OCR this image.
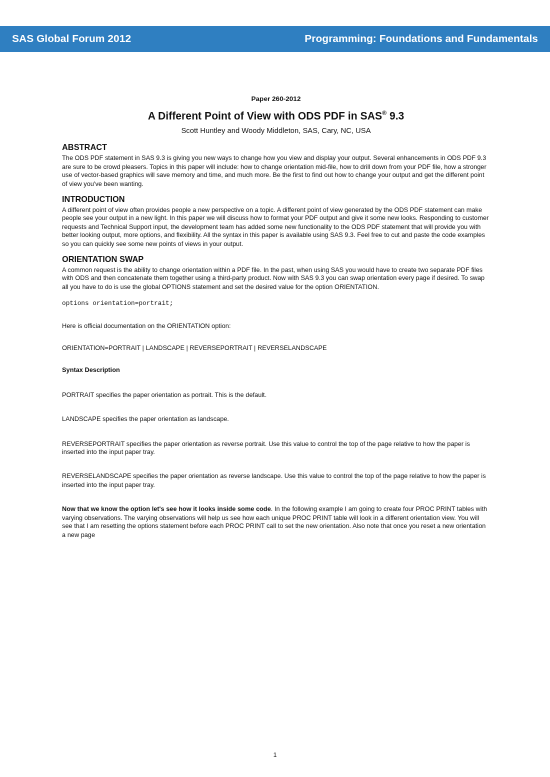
SAS Global Forum 2012	Programming: Foundations and Fundamentals
Paper 260-2012
A Different Point of View with ODS PDF in SAS® 9.3
Scott Huntley and Woody Middleton, SAS, Cary, NC, USA
ABSTRACT

The ODS PDF statement in SAS 9.3 is giving you new ways to change how you view and display your output. Several enhancements in ODS PDF 9.3 are sure to be crowd pleasers. Topics in this paper will include: how to change orientation mid-file, how to drill down from your PDF file, how a stronger use of vector-based graphics will save memory and time, and much more. Be the first to find out how to change your output and get the different point of view you've been wanting.

INTRODUCTION

A different point of view often provides people a new perspective on a topic. A different point of view generated by the ODS PDF statement can make people see your output in a new light. In this paper we will discuss how to format your PDF output and give it some new looks. Responding to customer requests and Technical Support input, the development team has added some new functionality to the ODS PDF statement that will provide you with better looking output, more options, and flexibility. All the syntax in this paper is available using SAS 9.3. Feel free to cut and paste the code examples so you can quickly see some new points of views in your output.

ORIENTATION SWAP

A common request is the ability to change orientation within a PDF file. In the past, when using SAS you would have to create two separate PDF files with ODS and then concatenate them together using a third-party product. Now with SAS 9.3 you can swap orientation every page if desired. To swap all you have to do is use the global OPTIONS statement and set the desired value for the option ORIENTATION.

options orientation=portrait;

Here is official documentation on the ORIENTATION option:

ORIENTATION=PORTRAIT | LANDSCAPE | REVERSEPORTRAIT | REVERSELANDSCAPE

Syntax Description

PORTRAIT specifies the paper orientation as portrait. This is the default.

LANDSCAPE specifies the paper orientation as landscape.

REVERSEPORTRAIT specifies the paper orientation as reverse portrait. Use this value to control the top of the page relative to how the paper is inserted into the input paper tray.

REVERSELANDSCAPE specifies the paper orientation as reverse landscape. Use this value to control the top of the page relative to how the paper is inserted into the input paper tray.

Now that we know the option let's see how it looks inside some code. In the following example I am going to create four PROC PRINT tables with varying observations. The varying observations will help us see how each unique PROC PRINT table will look in a different orientation view. You will see that I am resetting the options statement before each PROC PRINT call to set the new orientation. Also note that once you reset a new orientation a new page

1
